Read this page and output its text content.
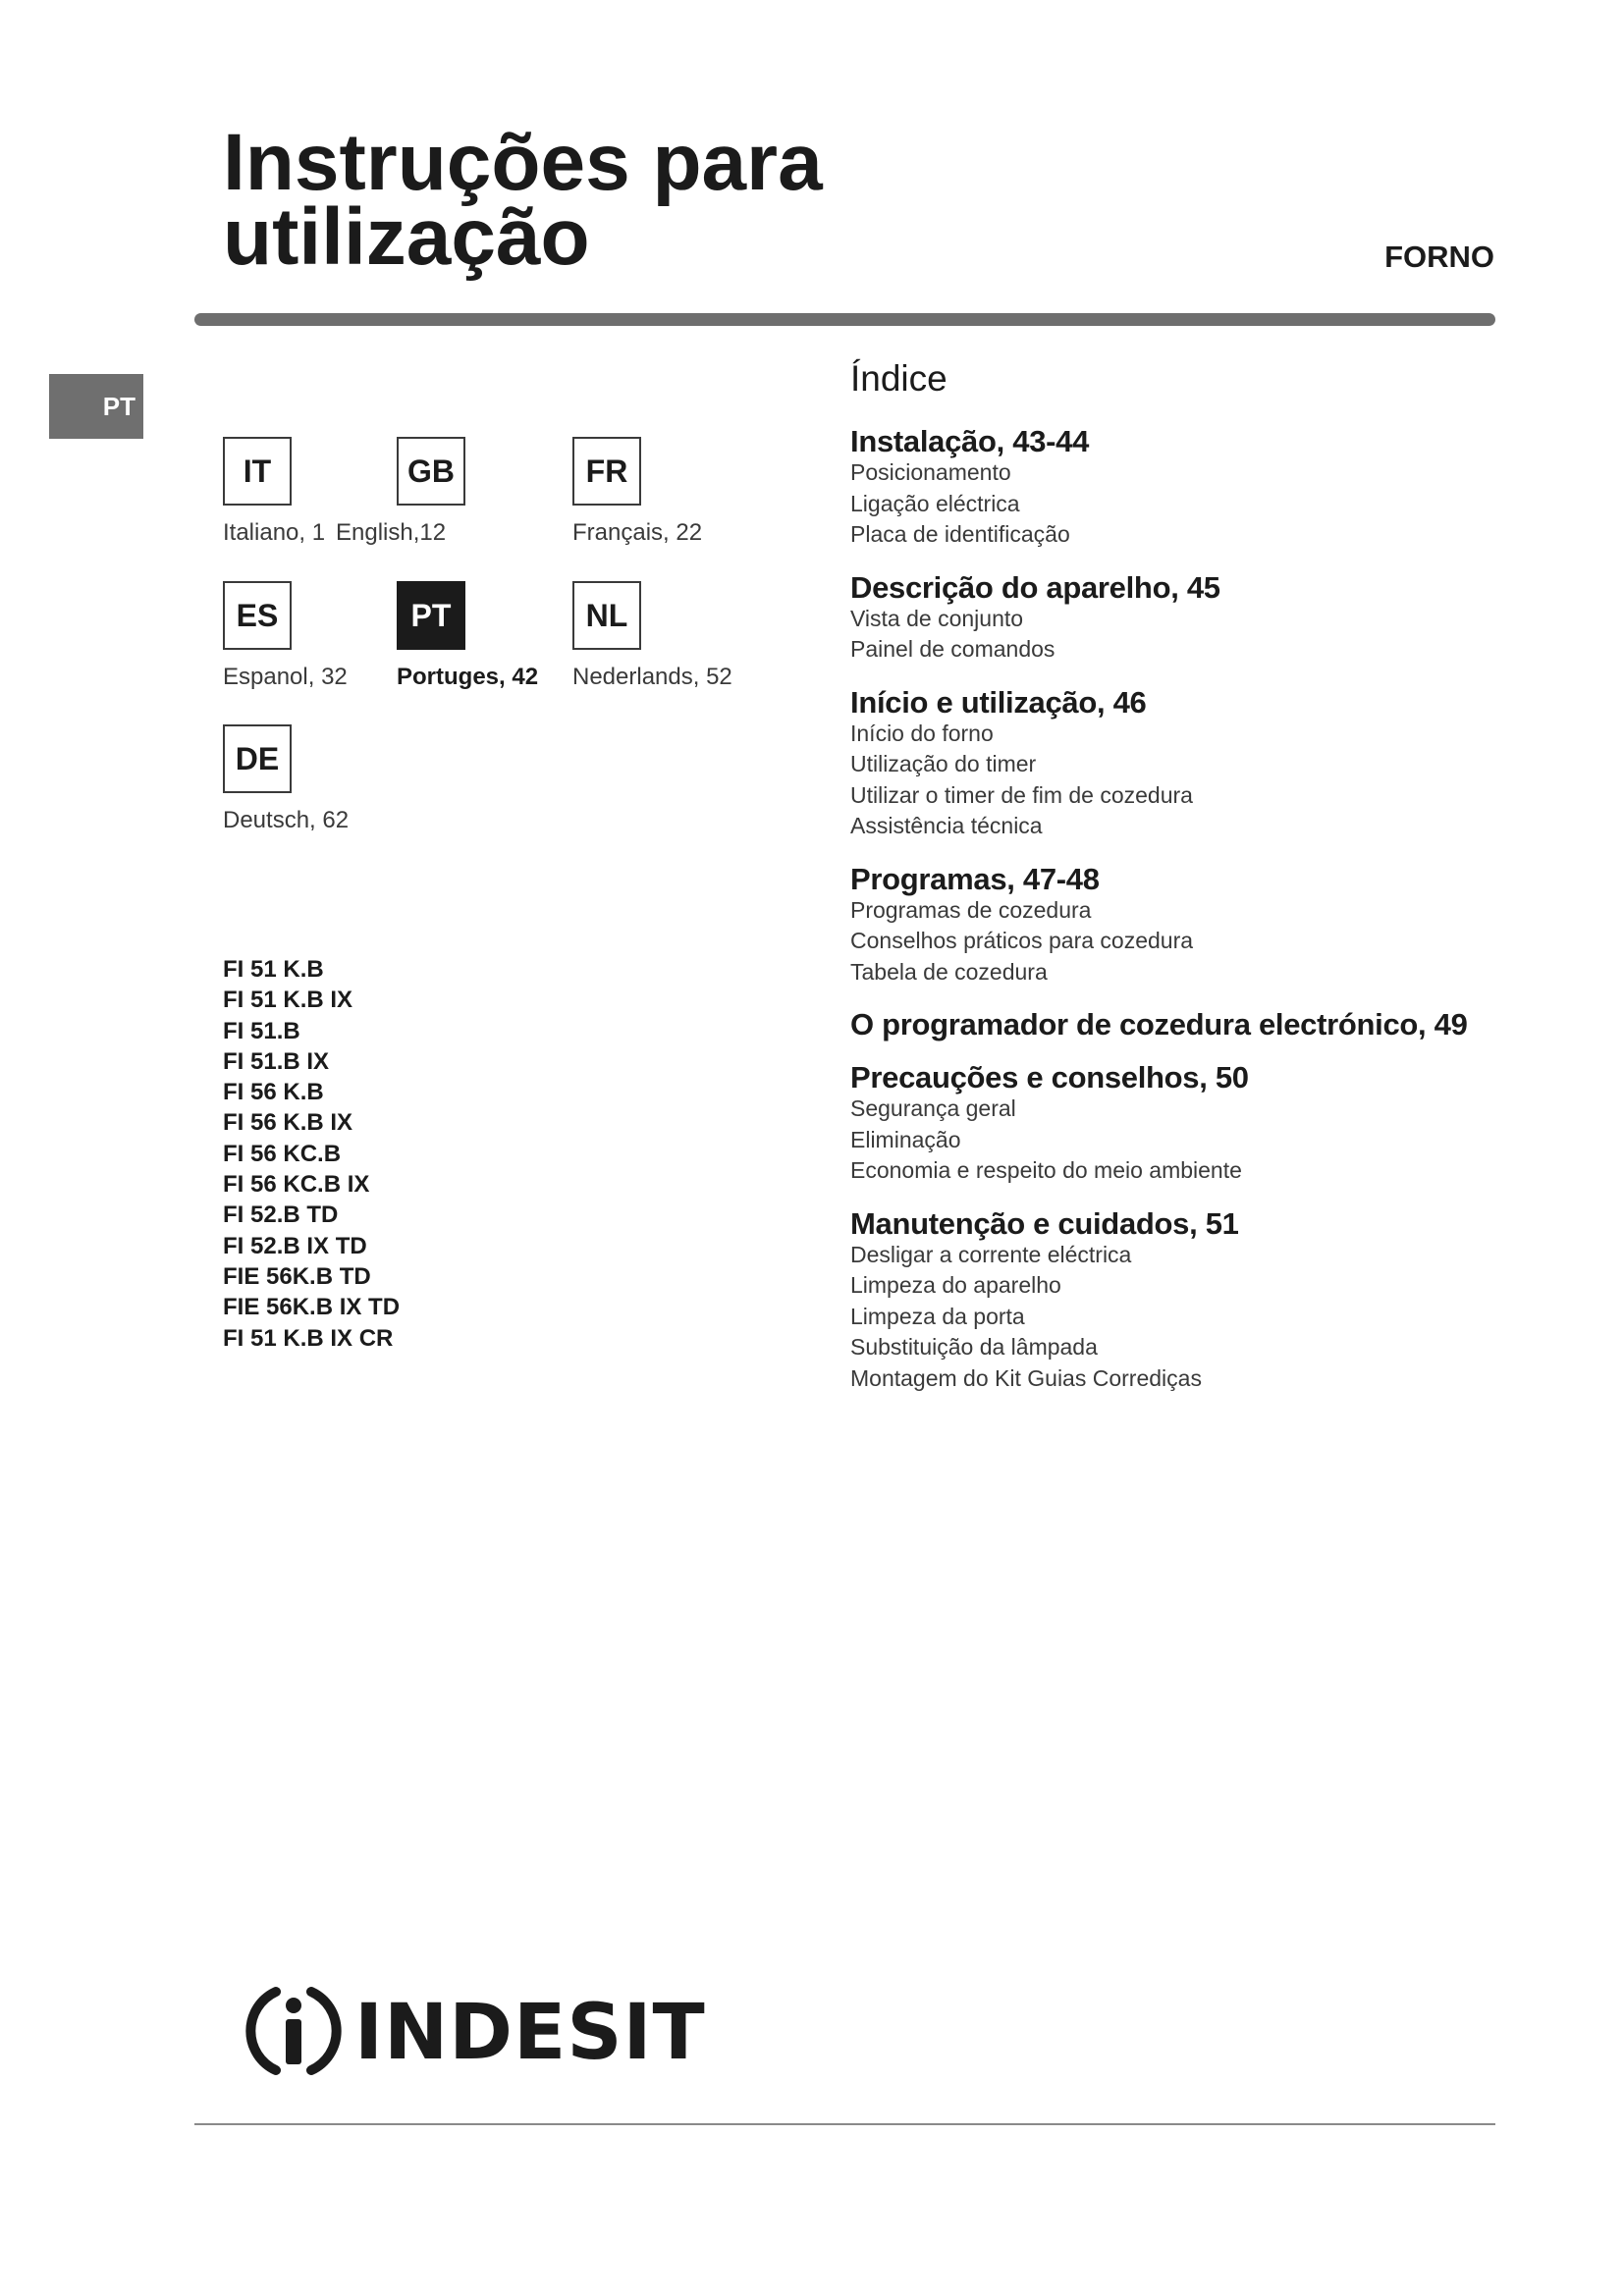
Instruções para
utilização	FORNO
PT
IT
Italiano, 1
GB
English,12
FR
Français, 22
ES
Espanol, 32
PT
Portuges, 42
NL
Nederlands, 52
DE
Deutsch, 62
FI 51 K.B
FI 51 K.B IX
FI 51.B
FI 51.B IX
FI 56 K.B
FI 56 K.B IX
FI 56 KC.B
FI 56 KC.B IX
FI 52.B TD
FI 52.B IX TD
FIE 56K.B TD
FIE 56K.B IX TD
FI 51 K.B IX CR
Índice
Instalação, 43-44
Posicionamento
Ligação eléctrica
Placa de identificação
Descrição do aparelho, 45
Vista de conjunto
Painel de comandos
Início e utilização, 46
Início do forno
Utilização do timer
Utilizar o timer de fim de cozedura
Assistência técnica
Programas, 47-48
Programas de cozedura
Conselhos práticos para cozedura
Tabela de cozedura
O programador de cozedura electrónico, 49
Precauções e conselhos, 50
Segurança geral
Eliminação
Economia e respeito do meio ambiente
Manutenção e cuidados, 51
Desligar a corrente eléctrica
Limpeza do aparelho
Limpeza da porta
Substituição da lâmpada
Montagem do Kit Guias Corrediças
INDESIT
